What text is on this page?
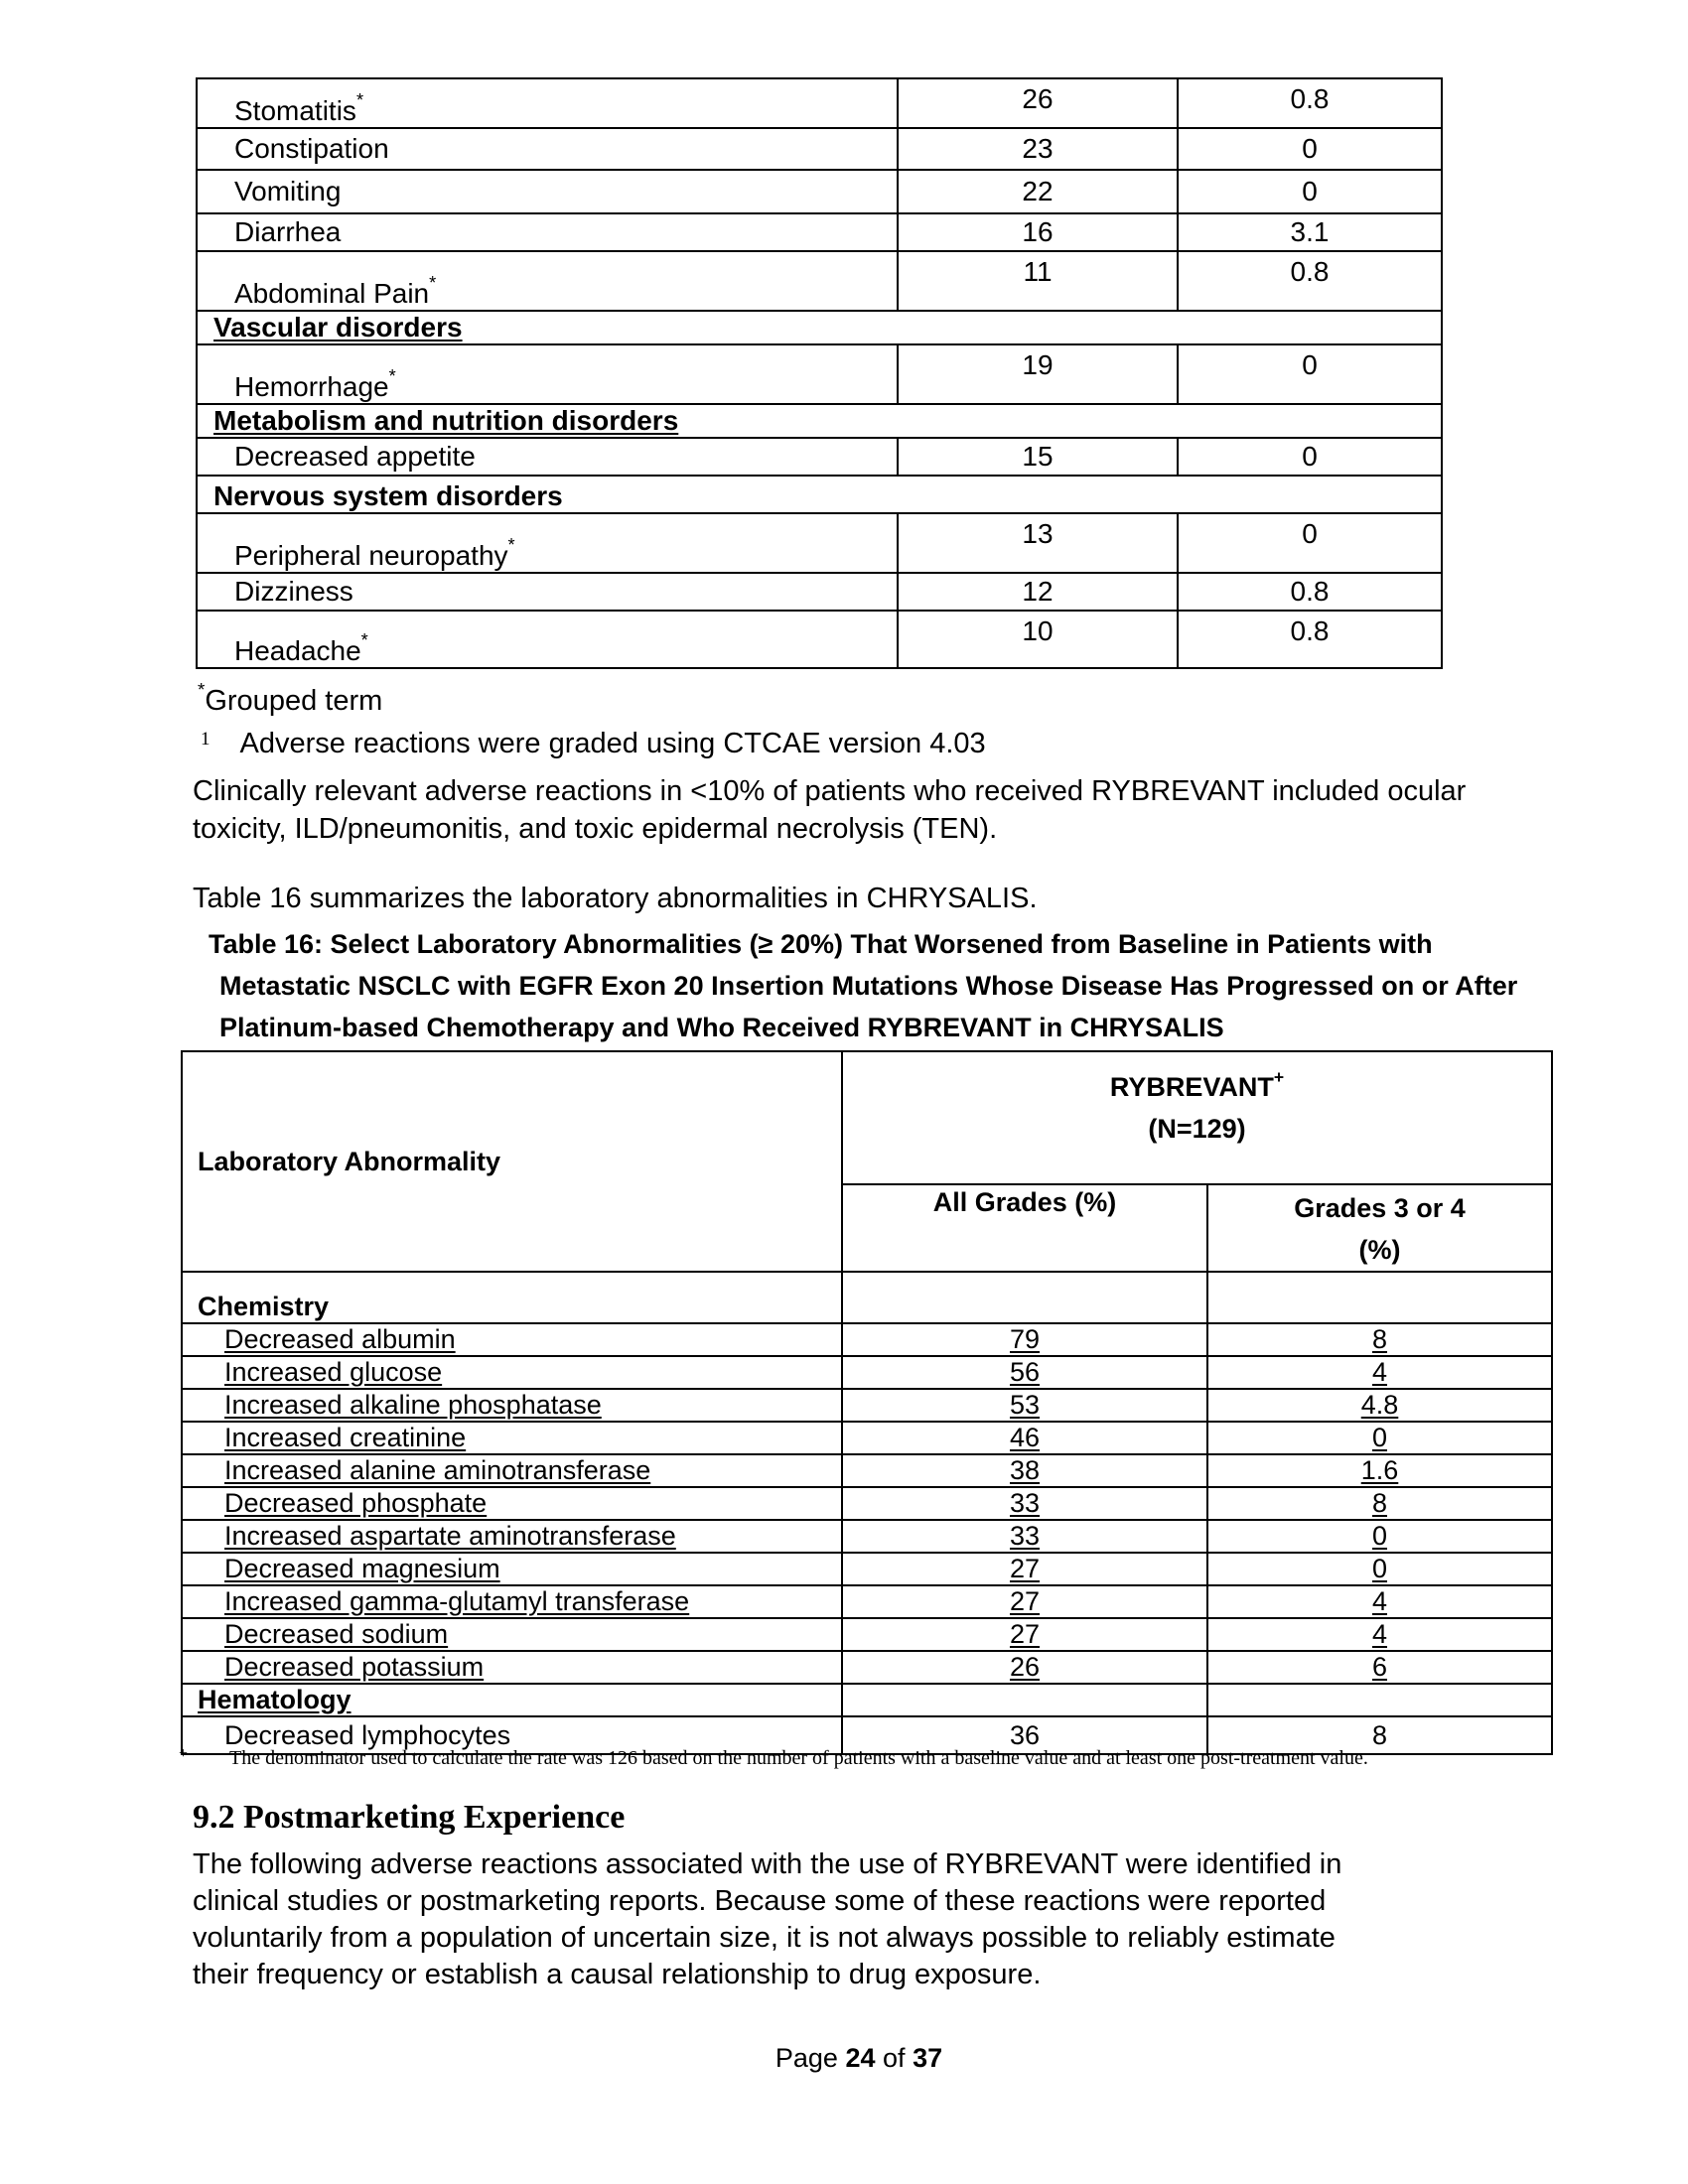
Stomatitis*	26	0.8
Constipation	23	0
Vomiting	22	0
Diarrhea	16	3.1
Abdominal Pain*	11	0.8
Vascular disorders		
Hemorrhage*	19	0
Metabolism and nutrition disorders		
Decreased appetite	15	0
Nervous system disorders		
Peripheral neuropathy*	13	0
Dizziness	12	0.8
Headache*	10	0.8
*Grouped term
$^1$ Adverse reactions were graded using CTCAE version 4.03
Clinically relevant adverse reactions in <10% of patients who received RYBREVANT included ocular toxicity, ILD/pneumonitis, and toxic epidermal necrolysis (TEN).
Table 16 summarizes the laboratory abnormalities in CHRYSALIS.
Table 16: Select Laboratory Abnormalities (≥ 20%) That Worsened from Baseline in Patients with
Metastatic NSCLC with EGFR Exon 20 Insertion Mutations Whose Disease Has Progressed on or After
Platinum-based Chemotherapy and Who Received RYBREVANT in CHRYSALIS
Laboratory Abnormality	RYBREVANT+
(N=129)	

	All Grades (%)	Grades 3 or 4
(%)

Chemistry		
Decreased albumin	79	8
Increased glucose	56	4
Increased alkaline phosphatase	53	4.8
Increased creatinine	46	0
Increased alanine aminotransferase	38	1.6
Decreased phosphate	33	8
Increased aspartate aminotransferase	33	0
Decreased magnesium	27	0
Increased gamma-glutamyl transferase	27	4
Decreased sodium	27	4
Decreased potassium	26	6
Hematology		
Decreased lymphocytes	36	8
+ The denominator used to calculate the rate was 126 based on the number of patients with a baseline value and at least one post-treatment value.
9.2 Postmarketing Experience
The following adverse reactions associated with the use of RYBREVANT were identified in clinical studies or postmarketing reports. Because some of these reactions were reported voluntarily from a population of uncertain size, it is not always possible to reliably estimate their frequency or establish a causal relationship to drug exposure.
Page 24 of 37
